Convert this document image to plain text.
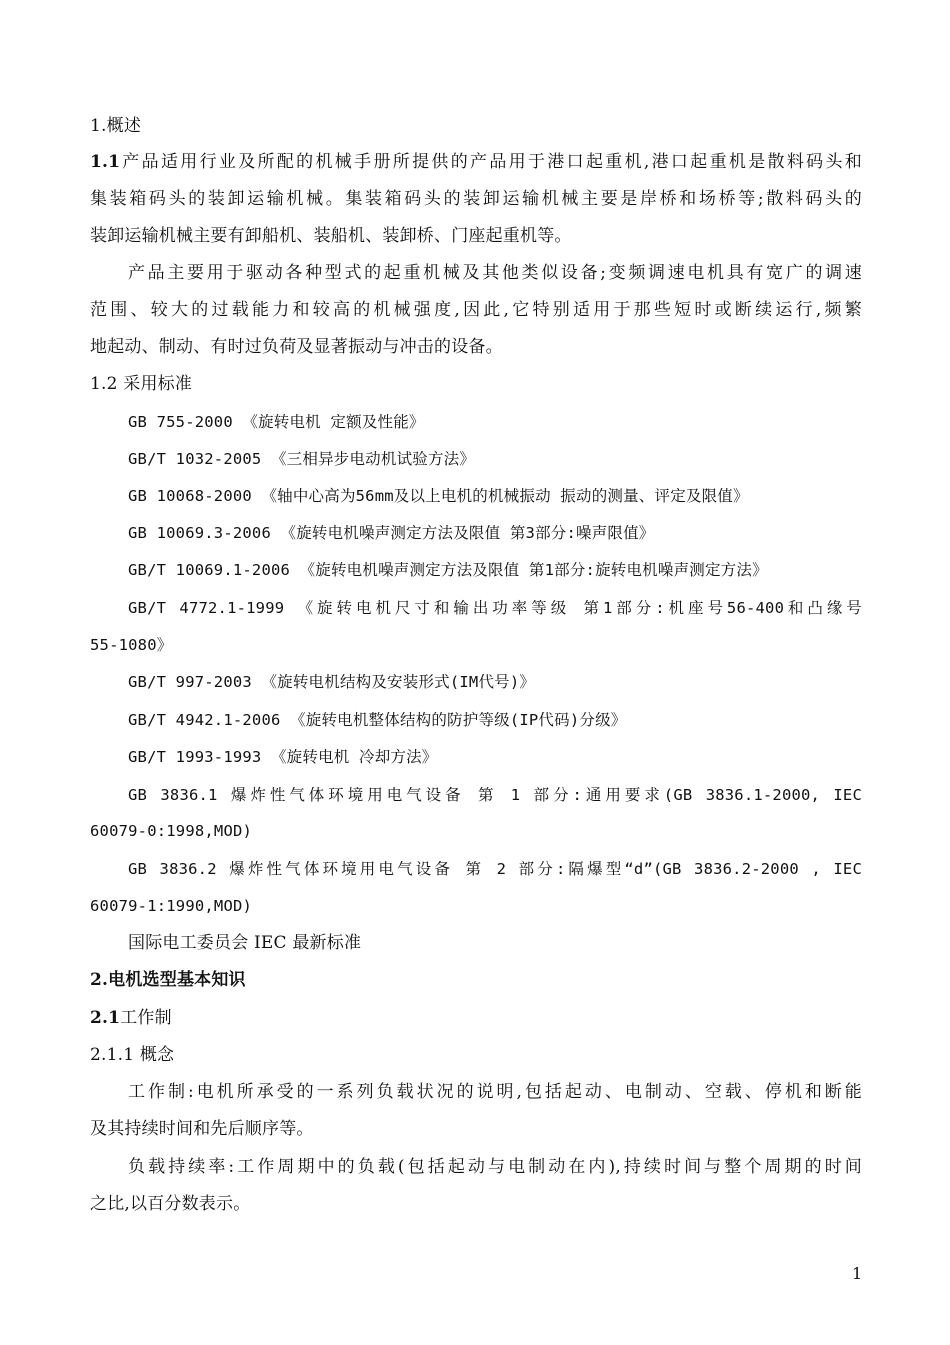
1.概述
1.1产品适用行业及所配的机械手册所提供的产品用于港口起重机,港口起重机是散料码头和
集装箱码头的装卸运输机械。集装箱码头的装卸运输机械主要是岸桥和场桥等;散料码头的
装卸运输机械主要有卸船机、装船机、装卸桥、门座起重机等。
产品主要用于驱动各种型式的起重机械及其他类似设备;变频调速电机具有宽广的调速
范围、较大的过载能力和较高的机械强度,因此,它特别适用于那些短时或断续运行,频繁
地起动、制动、有时过负荷及显著振动与冲击的设备。
1.2 采用标准
GB 755-2000 《旋转电机 定额及性能》
GB/T 1032-2005 《三相异步电动机试验方法》
GB 10068-2000 《轴中心高为56mm及以上电机的机械振动 振动的测量、评定及限值》
GB 10069.3-2006 《旋转电机噪声测定方法及限值 第3部分:噪声限值》
GB/T 10069.1-2006 《旋转电机噪声测定方法及限值 第1部分:旋转电机噪声测定方法》
GB/T 4772.1-1999 《旋转电机尺寸和输出功率等级 第1部分:机座号56-400和凸缘号
55-1080》
GB/T 997-2003 《旋转电机结构及安装形式(IM代号)》
GB/T 4942.1-2006 《旋转电机整体结构的防护等级(IP代码)分级》
GB/T 1993-1993 《旋转电机 冷却方法》
GB 3836.1 爆炸性气体环境用电气设备 第 1 部分:通用要求(GB 3836.1-2000, IEC
60079-0:1998,MOD)
GB 3836.2 爆炸性气体环境用电气设备 第 2 部分:隔爆型“d”(GB 3836.2-2000 , IEC
60079-1:1990,MOD)
国际电工委员会 IEC 最新标准
2.电机选型基本知识
2.1工作制
2.1.1 概念
工作制:电机所承受的一系列负载状况的说明,包括起动、电制动、空载、停机和断能
及其持续时间和先后顺序等。
负载持续率:工作周期中的负载(包括起动与电制动在内),持续时间与整个周期的时间
之比,以百分数表示。
1
